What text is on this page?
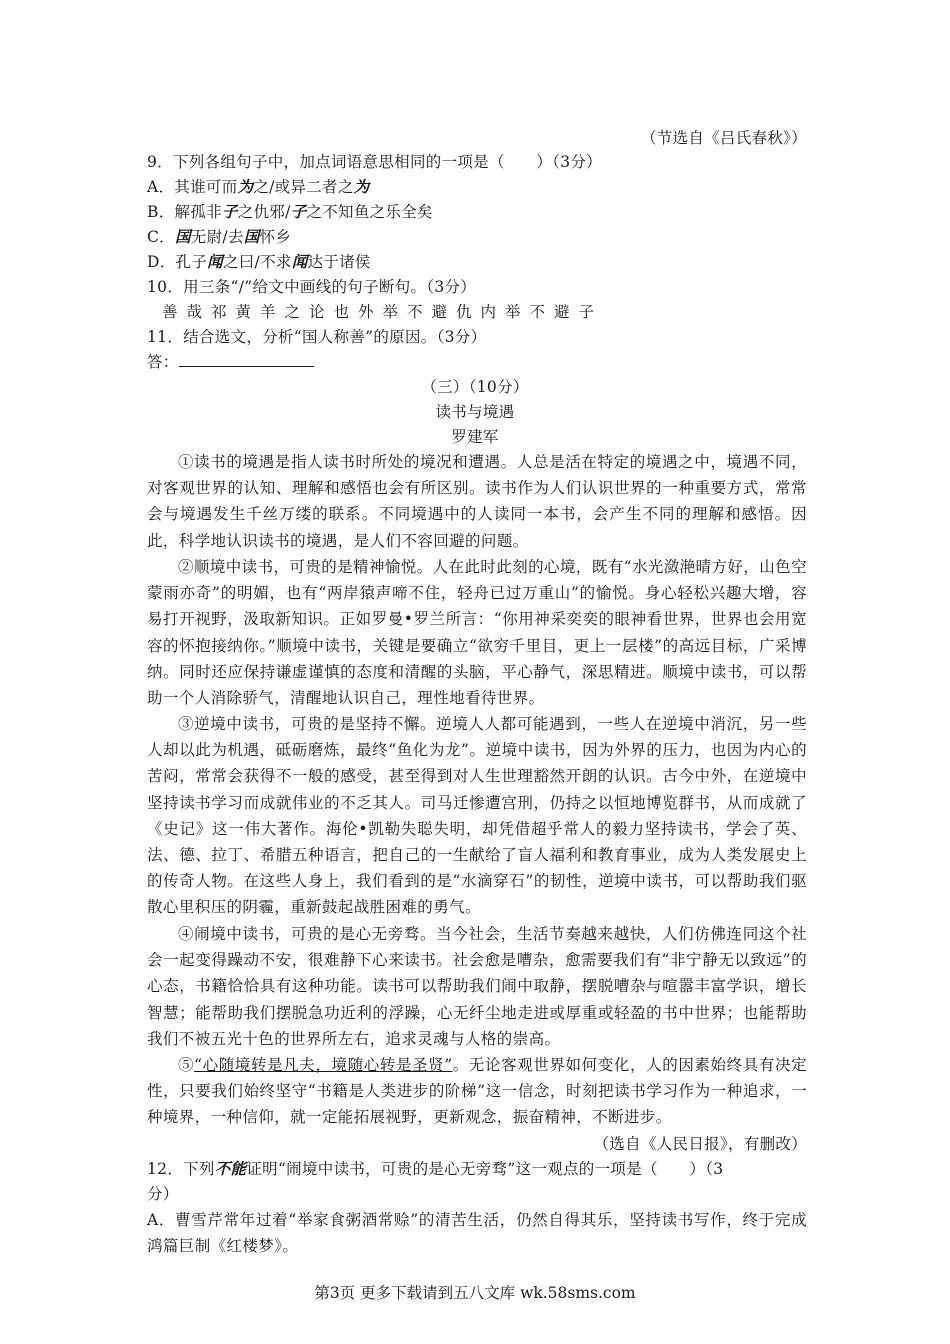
（节选自《吕氏春秋》）
9．下列各组句子中，加点词语意思相同的一项是（　　）（3分）
A．其谁可而为之/或异二者之为
B．解孤非子之仇邪/子之不知鱼之乐全矣
C．国无尉/去国怀乡
D．孔子闻之曰/不求闻达于诸侯
10．用三条“/”给文中画线的句子断句。（3分）
善哉祁黄羊之论也外举不避仇内举不避子
11．结合选文，分析“国人称善”的原因。（3分）
答：
（三）（10分）
读书与境遇
罗建军
①读书的境遇是指人读书时所处的境况和遭遇。人总是活在特定的境遇之中，境遇不同，对客观世界的认知、理解和感悟也会有所区别。读书作为人们认识世界的一种重要方式，常常会与境遇发生千丝万缕的联系。不同境遇中的人读同一本书，会产生不同的理解和感悟。因此，科学地认识读书的境遇，是人们不容回避的问题。
②顺境中读书，可贵的是精神愉悦。人在此时此刻的心境，既有“水光潋滟晴方好，山色空蒙雨亦奇”的明媚，也有“两岸猿声啼不住，轻舟已过万重山”的愉悦。身心轻松兴趣大增，容易打开视野，汲取新知识。正如罗曼•罗兰所言：“你用神采奕奕的眼神看世界，世界也会用宽容的怀抱接纳你。”顺境中读书，关键是要确立“欲穷千里目，更上一层楼”的高远目标，广采博纳。同时还应保持谦虚谨慎的态度和清醒的头脑，平心静气，深思精进。顺境中读书，可以帮助一个人消除骄气，清醒地认识自己，理性地看待世界。
③逆境中读书，可贵的是坚持不懈。逆境人人都可能遇到，一些人在逆境中消沉，另一些人却以此为机遇，砥砺磨炼，最终“鱼化为龙”。逆境中读书，因为外界的压力，也因为内心的苦闷，常常会获得不一般的感受，甚至得到对人生世理豁然开朗的认识。古今中外，在逆境中坚持读书学习而成就伟业的不乏其人。司马迁惨遭宫刑，仍持之以恒地博览群书，从而成就了《史记》这一伟大著作。海伦•凯勒失聪失明，却凭借超乎常人的毅力坚持读书，学会了英、法、德、拉丁、希腊五种语言，把自己的一生献给了盲人福利和教育事业，成为人类发展史上的传奇人物。在这些人身上，我们看到的是“水滴穿石”的韧性，逆境中读书，可以帮助我们驱散心里积压的阴霾，重新鼓起战胜困难的勇气。
④闹境中读书，可贵的是心无旁骛。当今社会，生活节奏越来越快，人们仿佛连同这个社会一起变得躁动不安，很难静下心来读书。社会愈是嘈杂，愈需要我们有“非宁静无以致远”的心态，书籍恰恰具有这种功能。读书可以帮助我们闹中取静，摆脱嘈杂与喧嚣丰富学识，增长智慧；能帮助我们摆脱急功近利的浮躁，心无纤尘地走进或厚重或轻盈的书中世界；也能帮助我们不被五光十色的世界所左右，追求灵魂与人格的崇高。
⑤“心随境转是凡夫，境随心转是圣贤”。无论客观世界如何变化，人的因素始终具有决定性，只要我们始终坚守“书籍是人类进步的阶梯”这一信念，时刻把读书学习作为一种追求，一种境界，一种信仰，就一定能拓展视野，更新观念，振奋精神，不断进步。
（选自《人民日报》，有删改）
12．下列不能证明“闹境中读书，可贵的是心无旁骛”这一观点的一项是（　　）（3
分）
A．曹雪芹常年过着“举家食粥酒常赊”的清苦生活，仍然自得其乐，坚持读书写作，终于完成鸿篇巨制《红楼梦》。
第3页 更多下载请到五八文库 wk.58sms.com
